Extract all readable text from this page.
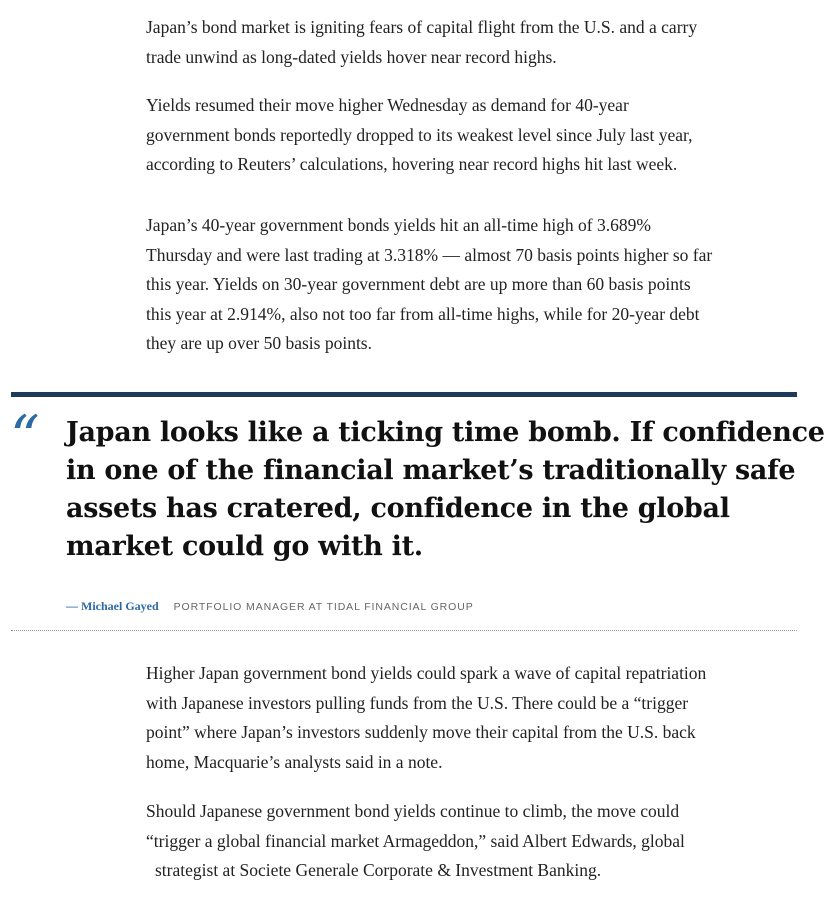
Japan’s bond market is igniting fears of capital flight from the U.S. and a carry
trade unwind as long-dated yields hover near record highs.

Yields resumed their move higher Wednesday as demand for 40-year
government bonds reportedly dropped to its weakest level since July last year,
according to Reuters’ calculations, hovering near record highs hit last week.

Japan’s 40-year government bonds yields hit an all-time high of 3.689%
Thursday and were last trading at 3.318% — almost 70 basis points higher so far
this year. Yields on 30-year government debt are up more than 60 basis points
this year at 2.914%, also not too far from all-time highs, while for 20-year debt
they are up over 50 basis points.

“ Japan looks like a ticking time bomb. If confidence
in one of the financial market’s traditionally safe
assets has cratered, confidence in the global
market could go with it.
— Michael Gayed PORTFOLIO MANAGER AT TIDAL FINANCIAL GROUP

Higher Japan government bond yields could spark a wave of capital repatriation
with Japanese investors pulling funds from the U.S. There could be a “trigger
point” where Japan’s investors suddenly move their capital from the U.S. back
home, Macquarie’s analysts said in a note.

Should Japanese government bond yields continue to climb, the move could
“trigger a global financial market Armageddon,” said Albert Edwards, global
strategist at Societe Generale Corporate & Investment Banking.
